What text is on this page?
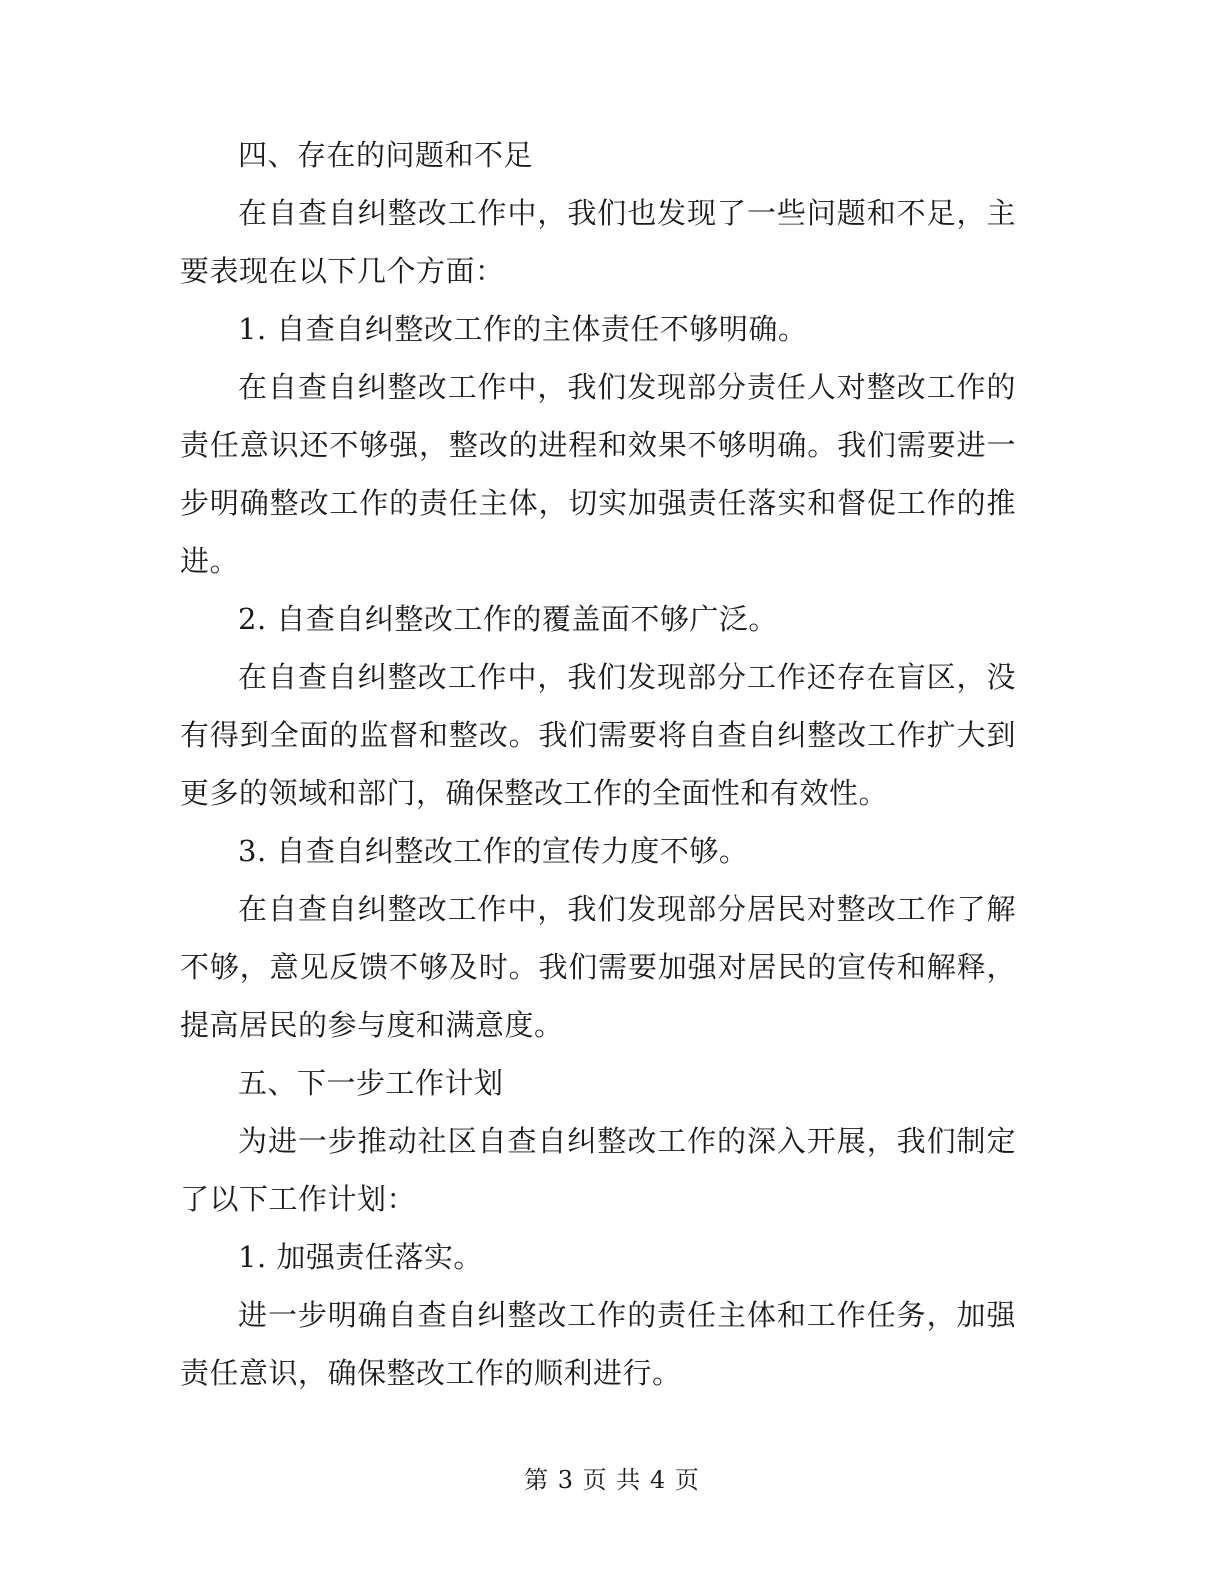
四、存在的问题和不足

在自查自纠整改工作中，我们也发现了一些问题和不足，主要表现在以下几个方面：

1. 自查自纠整改工作的主体责任不够明确。

在自查自纠整改工作中，我们发现部分责任人对整改工作的责任意识还不够强，整改的进程和效果不够明确。我们需要进一步明确整改工作的责任主体，切实加强责任落实和督促工作的推进。

2. 自查自纠整改工作的覆盖面不够广泛。

在自查自纠整改工作中，我们发现部分工作还存在盲区，没有得到全面的监督和整改。我们需要将自查自纠整改工作扩大到更多的领域和部门，确保整改工作的全面性和有效性。

3. 自查自纠整改工作的宣传力度不够。

在自查自纠整改工作中，我们发现部分居民对整改工作了解不够，意见反馈不够及时。我们需要加强对居民的宣传和解释，提高居民的参与度和满意度。

五、下一步工作计划

为进一步推动社区自查自纠整改工作的深入开展，我们制定了以下工作计划：

1. 加强责任落实。

进一步明确自查自纠整改工作的责任主体和工作任务，加强责任意识，确保整改工作的顺利进行。

第 3 页 共 4 页
